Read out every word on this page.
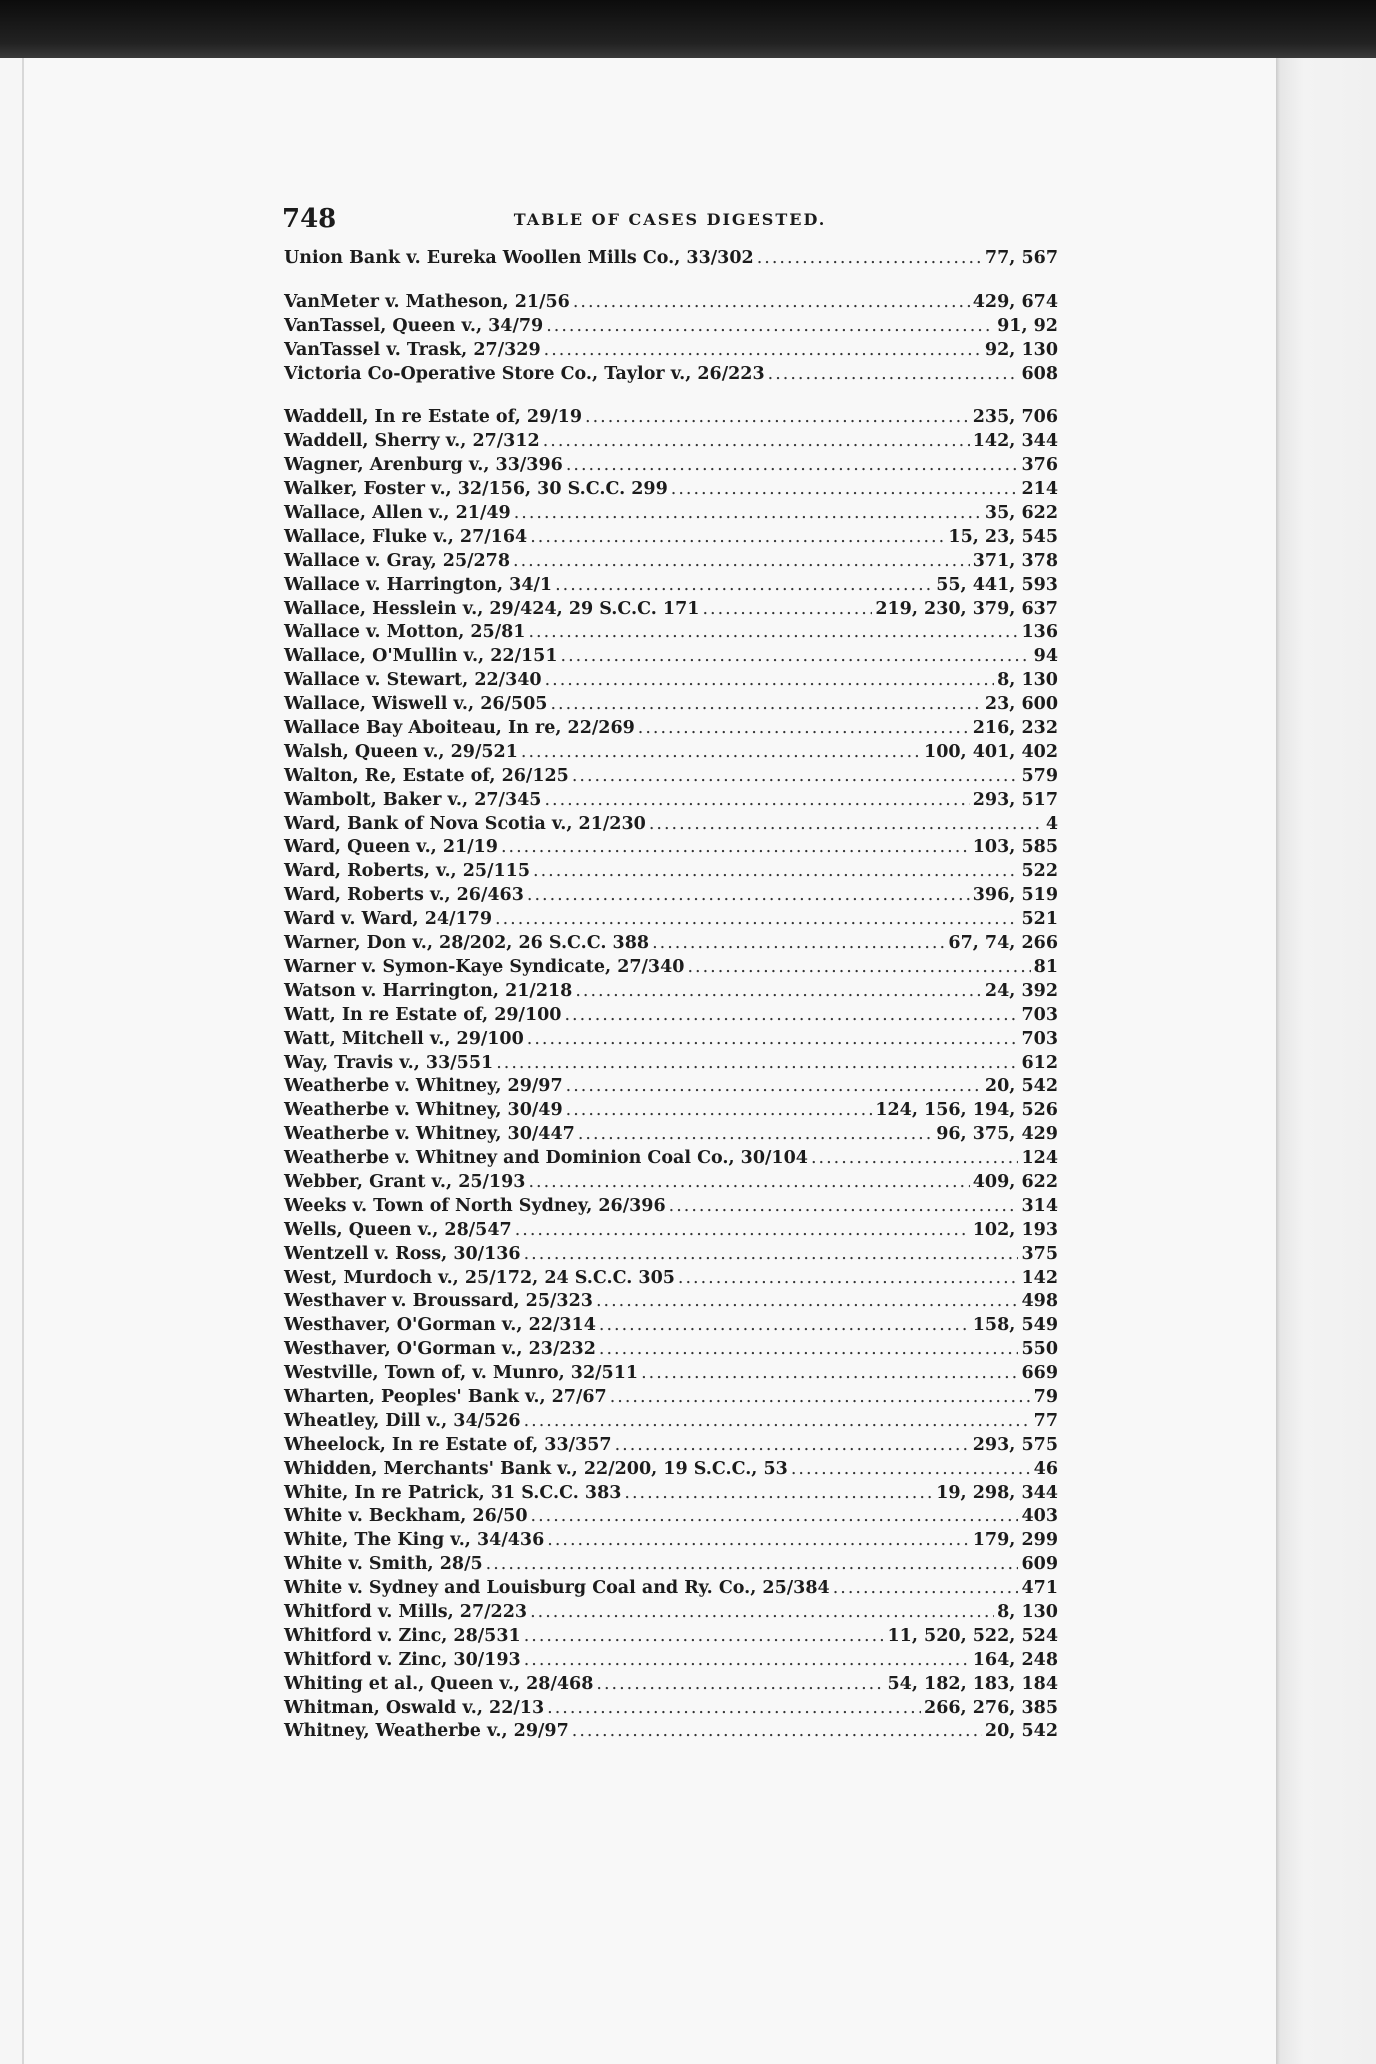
748	TABLE OF CASES DIGESTED.
Union Bank v. Eureka Woollen Mills Co., 33/302 .....	77, 567
VanMeter v. Matheson, 21/56 .....	429, 674
VanTassel, Queen v., 34/79 .....	91, 92
VanTassel v. Trask, 27/329 .....	92, 130
Victoria Co-Operative Store Co., Taylor v., 26/223 .....	608
Waddell, In re Estate of, 29/19 .....	235, 706
Waddell, Sherry v., 27/312 .....	142, 344
Wagner, Arenburg v., 33/396 .....	376
Walker, Foster v., 32/156, 30 S.C.C. 299 .....	214
Wallace, Allen v., 21/49 .....	35, 622
Wallace, Fluke v., 27/164 .....	15, 23, 545
Wallace v. Gray, 25/278 .....	371, 378
Wallace v. Harrington, 34/1 .....	55, 441, 593
Wallace, Hesslein v., 29/424, 29 S.C.C. 171 .....	219, 230, 379, 637
Wallace v. Motton, 25/81 .....	136
Wallace, O'Mullin v., 22/151 .....	94
Wallace v. Stewart, 22/340 .....	8, 130
Wallace, Wiswell v., 26/505 .....	23, 600
Wallace Bay Aboiteau, In re, 22/269 .....	216, 232
Walsh, Queen v., 29/521 .....	100, 401, 402
Walton, Re, Estate of, 26/125 .....	579
Wambolt, Baker v., 27/345 .....	293, 517
Ward, Bank of Nova Scotia v., 21/230 .....	4
Ward, Queen v., 21/19 .....	103, 585
Ward, Roberts, v., 25/115 .....	522
Ward, Roberts v., 26/463 .....	396, 519
Ward v. Ward, 24/179 .....	521
Warner, Don v., 28/202, 26 S.C.C. 388 .....	67, 74, 266
Warner v. Symon-Kaye Syndicate, 27/340 .....	81
Watson v. Harrington, 21/218 .....	24, 392
Watt, In re Estate of, 29/100 .....	703
Watt, Mitchell v., 29/100 .....	703
Way, Travis v., 33/551 .....	612
Weatherbe v. Whitney, 29/97 .....	20, 542
Weatherbe v. Whitney, 30/49 .....	124, 156, 194, 526
Weatherbe v. Whitney, 30/447 .....	96, 375, 429
Weatherbe v. Whitney and Dominion Coal Co., 30/104 .....	124
Webber, Grant v., 25/193 .....	409, 622
Weeks v. Town of North Sydney, 26/396 .....	314
Wells, Queen v., 28/547 .....	102, 193
Wentzell v. Ross, 30/136 .....	375
West, Murdoch v., 25/172, 24 S.C.C. 305 .....	142
Westhaver v. Broussard, 25/323 .....	498
Westhaver, O'Gorman v., 22/314 .....	158, 549
Westhaver, O'Gorman v., 23/232 .....	550
Westville, Town of, v. Munro, 32/511 .....	669
Wharten, Peoples' Bank v., 27/67 .....	79
Wheatley, Dill v., 34/526 .....	77
Wheelock, In re Estate of, 33/357 .....	293, 575
Whidden, Merchants' Bank v., 22/200, 19 S.C.C., 53 .....	46
White, In re Patrick, 31 S.C.C. 383 .....	19, 298, 344
White v. Beckham, 26/50 .....	403
White, The King v., 34/436 .....	179, 299
White v. Smith, 28/5 .....	609
White v. Sydney and Louisburg Coal and Ry. Co., 25/384 .....	471
Whitford v. Mills, 27/223 .....	8, 130
Whitford v. Zinc, 28/531 .....	11, 520, 522, 524
Whitford v. Zinc, 30/193 .....	164, 248
Whiting et al., Queen v., 28/468 .....	54, 182, 183, 184
Whitman, Oswald v., 22/13 .....	266, 276, 385
Whitney, Weatherbe v., 29/97 .....	20, 542
